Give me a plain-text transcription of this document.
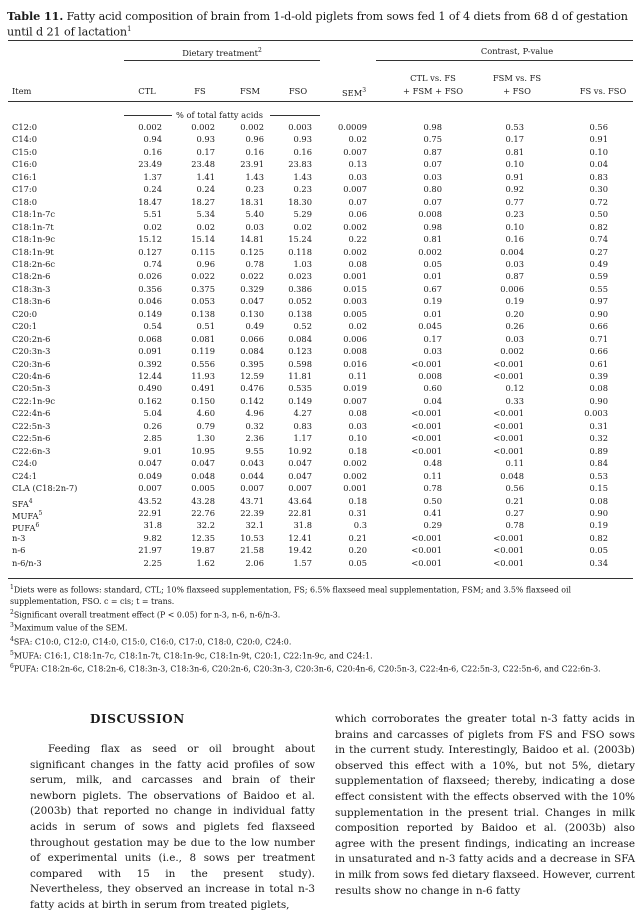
Table 11. Fatty acid composition of brain from 1-d-old piglets from sows fed 1 of 4 diets from 68 d of gestation until d 21 of lactation$^1$
Dietary treatment$^2$	Contrast, P-value
Item	CTL	FS	FSM	FSO	SEM$^3$
CTL vs. FS
+ FSM + FSO
FSM vs. FS
+ FSO	FS vs. FSO
% of total fatty acids
C12:0	0.002	0.002	0.002	0.003	0.0009	0.98	0.53	0.56
C14:0	0.94	0.93	0.96	0.93	0.02	0.75	0.17	0.91
C15:0	0.16	0.17	0.16	0.16	0.007	0.87	0.81	0.10
C16:0	23.49	23.48	23.91	23.83	0.13	0.07	0.10	0.04
C16:1	1.37	1.41	1.43	1.43	0.03	0.03	0.91	0.83
C17:0	0.24	0.24	0.23	0.23	0.007	0.80	0.92	0.30
C18:0	18.47	18.27	18.31	18.30	0.07	0.07	0.77	0.72
C18:1n-7c	5.51	5.34	5.40	5.29	0.06	0.008	0.23	0.50
C18:1n-7t	0.02	0.02	0.03	0.02	0.002	0.98	0.10	0.82
C18:1n-9c	15.12	15.14	14.81	15.24	0.22	0.81	0.16	0.74
C18:1n-9t	0.127	0.115	0.125	0.118	0.002	0.002	0.004	0.27
C18:2n-6c	0.74	0.96	0.78	1.03	0.08	0.05	0.03	0.49
C18:2n-6	0.026	0.022	0.022	0.023	0.001	0.01	0.87	0.59
C18:3n-3	0.356	0.375	0.329	0.386	0.015	0.67	0.006	0.55
C18:3n-6	0.046	0.053	0.047	0.052	0.003	0.19	0.19	0.97
C20:0	0.149	0.138	0.130	0.138	0.005	0.01	0.20	0.90
C20:1	0.54	0.51	0.49	0.52	0.02	0.045	0.26	0.66
C20:2n-6	0.068	0.081	0.066	0.084	0.006	0.17	0.03	0.71
C20:3n-3	0.091	0.119	0.084	0.123	0.008	0.03	0.002	0.66
C20:3n-6	0.392	0.556	0.395	0.598	0.016	<0.001	<0.001	0.61
C20:4n-6	12.44	11.93	12.59	11.81	0.11	0.008	<0.001	0.39
C20:5n-3	0.490	0.491	0.476	0.535	0.019	0.60	0.12	0.08
C22:1n-9c	0.162	0.150	0.142	0.149	0.007	0.04	0.33	0.90
C22:4n-6	5.04	4.60	4.96	4.27	0.08	<0.001	<0.001	0.003
C22:5n-3	0.26	0.79	0.32	0.83	0.03	<0.001	<0.001	0.31
C22:5n-6	2.85	1.30	2.36	1.17	0.10	<0.001	<0.001	0.32
C22:6n-3	9.01	10.95	9.55	10.92	0.18	<0.001	<0.001	0.89
C24:0	0.047	0.047	0.043	0.047	0.002	0.48	0.11	0.84
C24:1	0.049	0.048	0.044	0.047	0.002	0.11	0.048	0.53
CLA (C18:2n-7)	0.007	0.005	0.007	0.007	0.001	0.78	0.56	0.15
SFA$^4$	43.52	43.28	43.71	43.64	0.18	0.50	0.21	0.08
MUFA$^5$	22.91	22.76	22.39	22.81	0.31	0.41	0.27	0.90
PUFA$^6$	31.8	32.2	32.1	31.8	0.3	0.29	0.78	0.19
n-3	9.82	12.35	10.53	12.41	0.21	<0.001	<0.001	0.82
n-6	21.97	19.87	21.58	19.42	0.20	<0.001	<0.001	0.05
n-6/n-3	2.25	1.62	2.06	1.57	0.05	<0.001	<0.001	0.34
$^1$Diets were as follows: standard, CTL; 10% flaxseed supplementation, FS; 6.5% flaxseed meal supplementation, FSM; and 3.5% flaxseed oil supplementation, FSO. c = cis; t = trans.
$^2$Significant overall treatment effect (P < 0.05) for n-3, n-6, n-6/n-3.
$^3$Maximum value of the SEM.
$^4$SFA: C10:0, C12:0, C14:0, C15:0, C16:0, C17:0, C18:0, C20:0, C24:0.
$^5$MUFA: C16:1, C18:1n-7c, C18:1n-7t, C18:1n-9c, C18:1n-9t, C20:1, C22:1n-9c, and C24:1.
$^6$PUFA: C18:2n-6c, C18:2n-6, C18:3n-3, C18:3n-6, C20:2n-6, C20:3n-3, C20:3n-6, C20:4n-6, C20:5n-3, C22:4n-6, C22:5n-3, C22:5n-6, and C22:6n-3.
DISCUSSION

Feeding flax as seed or oil brought about significant changes in the fatty acid profiles of sow serum, milk, and carcasses and brain of their newborn piglets. The observations of Baidoo et al. (2003b) that reported no change in individual fatty acids in serum of sows and piglets fed flaxseed throughout gestation may be due to the low number of experimental units (i.e., 8 sows per treatment compared with 15 in the present study). Nevertheless, they observed an increase in total n-3 fatty acids at birth in serum from treated piglets,

which corroborates the greater total n-3 fatty acids in brains and carcasses of piglets from FS and FSO sows in the current study. Interestingly, Baidoo et al. (2003b) observed this effect with a 10%, but not 5%, dietary supplementation of flaxseed; thereby, indicating a dose effect consistent with the effects observed with the 10% supplementation in the present trial. Changes in milk composition reported by Baidoo et al. (2003b) also agree with the present findings, indicating an increase in unsaturated and n-3 fatty acids and a decrease in SFA in milk from sows fed dietary flaxseed. However, current results show no change in n-6 fatty
